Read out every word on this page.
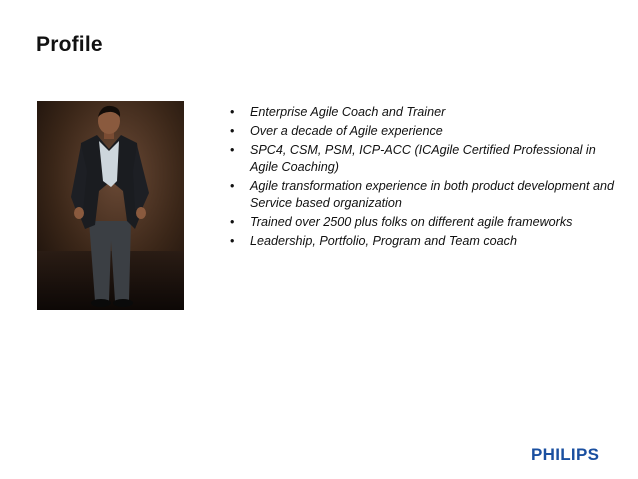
Profile
• Enterprise Agile Coach and Trainer
• Over a decade of Agile experience
• SPC4, CSM, PSM, ICP-ACC (ICAgile Certified Professional in Agile Coaching)
• Agile transformation experience in both product development and Service based organization
• Trained over 2500 plus folks on different agile frameworks
• Leadership, Portfolio, Program and Team coach
PHILIPS
